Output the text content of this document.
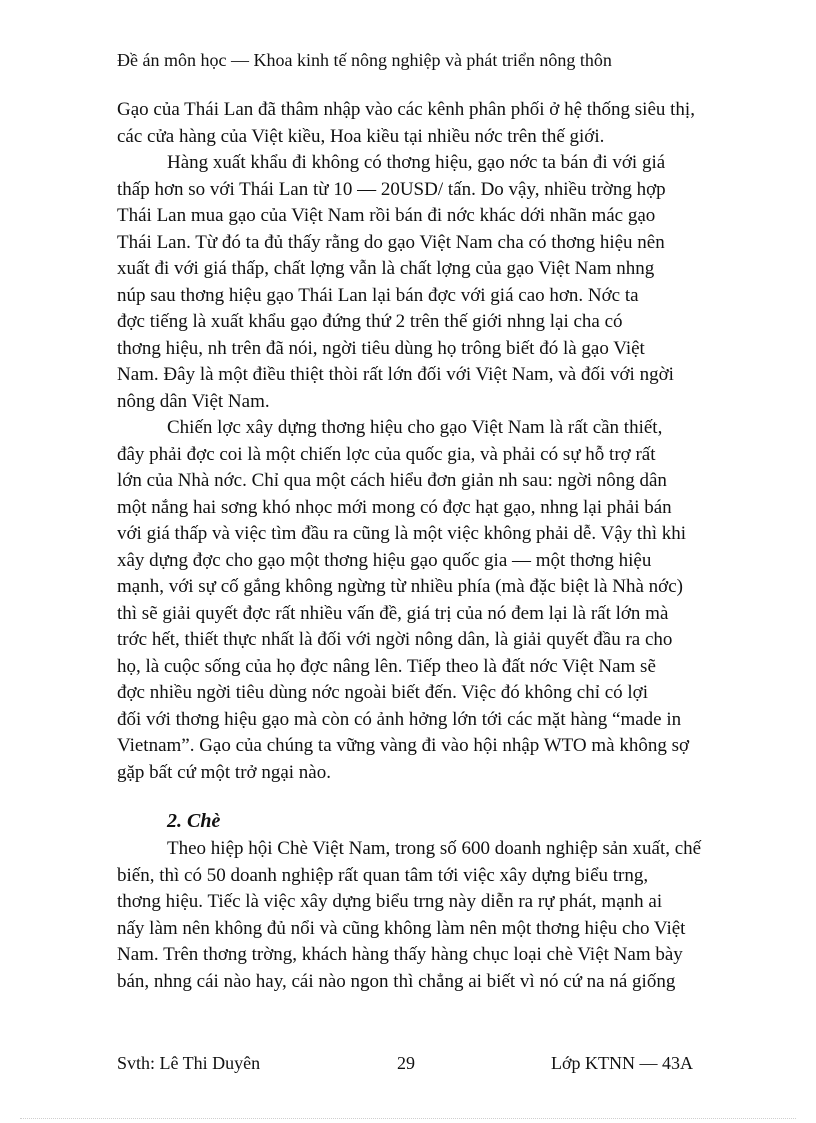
Đề án môn học — Khoa kinh tế nông nghiệp và phát triển nông thôn
Gạo của Thái Lan đã thâm nhập vào các kênh phân phối ở hệ thống siêu thị,
các cửa hàng của Việt kiều, Hoa kiều tại nhiều nớc trên thế giới.
Hàng xuất khẩu đi không có thơng hiệu, gạo nớc ta bán đi với giá
thấp hơn so với Thái Lan từ 10 — 20USD/ tấn. Do vậy, nhiều trờng hợp
Thái Lan mua gạo của Việt Nam rồi bán đi nớc khác dới nhãn mác gạo
Thái Lan. Từ đó ta đủ thấy rằng do gạo Việt Nam cha có thơng hiệu nên
xuất đi với giá thấp, chất lợng vẫn là chất lợng của gạo Việt Nam nhng
núp sau thơng hiệu gạo Thái Lan lại bán đợc với giá cao hơn. Nớc ta
đợc tiếng là xuất khẩu gạo đứng thứ 2 trên thế giới nhng lại cha có
thơng hiệu, nh trên đã nói, ngời tiêu dùng họ trông biết đó là gạo Việt
Nam. Đây là một điều thiệt thòi rất lớn đối với Việt Nam, và đối với ngời
nông dân Việt Nam.
Chiến lợc xây dựng thơng hiệu cho gạo Việt Nam là rất cần thiết,
đây phải đợc coi là một chiến lợc của quốc gia, và phải có sự hỗ trợ rất
lớn của Nhà nớc. Chỉ qua một cách hiểu đơn giản nh sau: ngời nông dân
một nắng hai sơng khó nhọc mới mong có đợc hạt gạo, nhng lại phải bán
với giá thấp và việc tìm đầu ra cũng là một việc không phải dễ. Vậy thì khi
xây dựng đợc cho gạo một thơng hiệu gạo quốc gia — một thơng hiệu
mạnh, với sự cố gắng không ngừng từ nhiều phía (mà đặc biệt là Nhà nớc)
thì sẽ giải quyết đợc rất nhiều vấn đề, giá trị của nó đem lại là rất lớn mà
trớc hết, thiết thực nhất là đối với ngời nông dân, là giải quyết đầu ra cho
họ, là cuộc sống của họ đợc nâng lên. Tiếp theo là đất nớc Việt Nam sẽ
đợc nhiều ngời tiêu dùng nớc ngoài biết đến. Việc đó không chỉ có lợi
đối với thơng hiệu gạo mà còn có ảnh hởng lớn tới các mặt hàng “made in
Vietnam”. Gạo của chúng ta vững vàng đi vào hội nhập WTO mà không sợ
gặp bất cứ một trở ngại nào.
2. Chè
Theo hiệp hội Chè Việt Nam, trong số 600 doanh nghiệp sản xuất, chế
biến, thì có 50 doanh nghiệp rất quan tâm tới việc xây dựng biểu trng,
thơng hiệu. Tiếc là việc xây dựng biểu trng này diễn ra rự phát, mạnh ai
nấy làm nên không đủ nổi và cũng không làm nên một thơng hiệu cho Việt
Nam. Trên thơng trờng, khách hàng thấy hàng chục loại chè Việt Nam bày
bán, nhng cái nào hay, cái nào ngon thì chẳng ai biết vì nó cứ na ná giống
Svth: Lê Thi Duyên	29	Lớp KTNN — 43A
